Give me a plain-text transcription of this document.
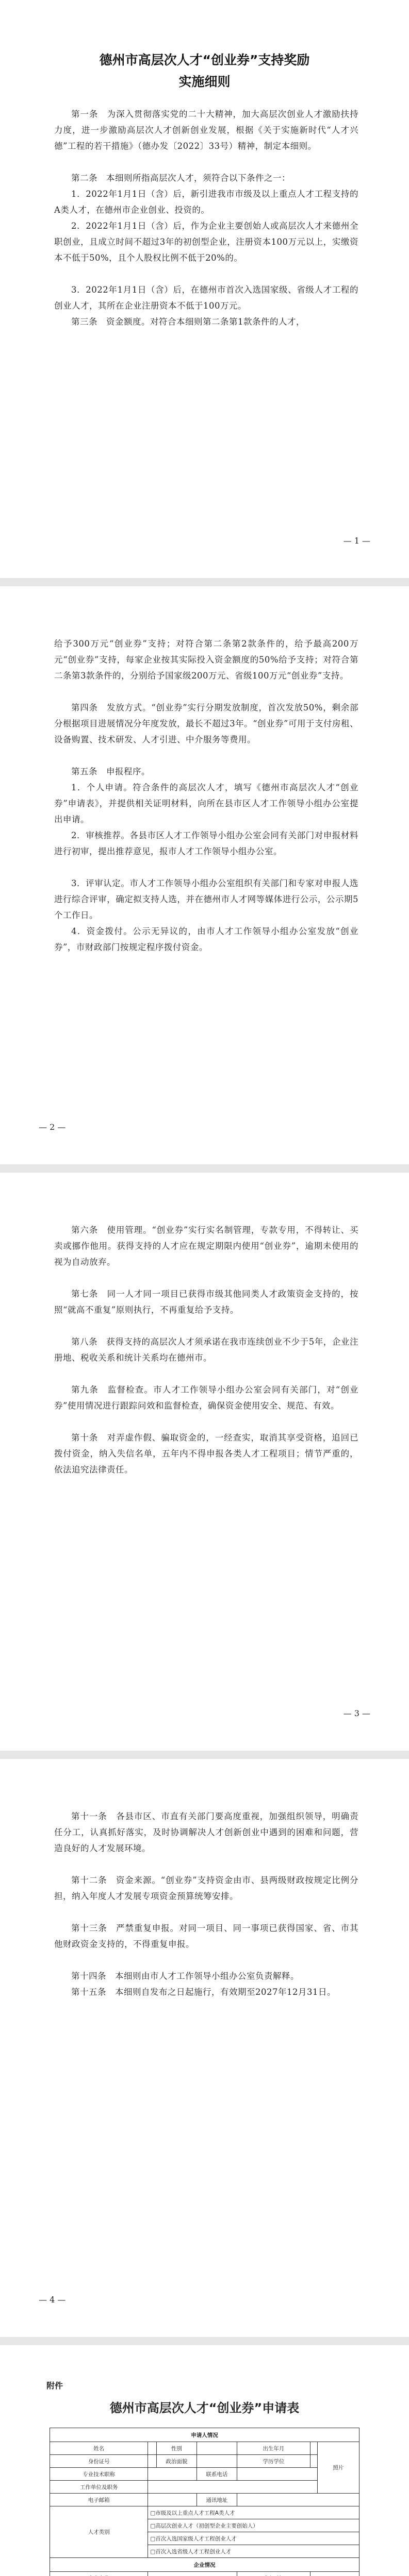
德州市高层次人才“创业券”支持奖励
实施细则

第一条　为深入贯彻落实党的二十大精神，加大高层次创业人才激励扶持力度，进一步激励高层次人才创新创业发展，根据《关于实施新时代“人才兴德”工程的若干措施》（德办发〔2022〕33号）精神，制定本细则。

第二条　本细则所指高层次人才，须符合以下条件之一：

1．2022年1月1日（含）后，新引进我市市级及以上重点人才工程支持的A类人才，在德州市企业创业、投资的。

2．2022年1月1日（含）后，作为企业主要创始人或高层次人才来德州全职创业，且成立时间不超过3年的初创型企业，注册资本100万元以上，实缴资本不低于50%，且个人股权比例不低于20%的。

3．2022年1月1日（含）后，在德州市首次入选国家级、省级人才工程的创业人才，其所在企业注册资本不低于100万元。

第三条　资金额度。对符合本细则第二条第1款条件的人才，

— 1 —

给予300万元“创业券”支持；对符合第二条第2款条件的，给予最高200万元“创业券”支持，每家企业按其实际投入资金额度的50%给予支持；对符合第二条第3款条件的，分别给予国家级200万元、省级100万元“创业券”支持。

第四条　发放方式。“创业券”实行分期发放制度，首次发放50%，剩余部分根据项目进展情况分年度发放，最长不超过3年。“创业券”可用于支付房租、设备购置、技术研发、人才引进、中介服务等费用。

第五条　申报程序。

1．个人申请。符合条件的高层次人才，填写《德州市高层次人才“创业券”申请表》，并提供相关证明材料，向所在县市区人才工作领导小组办公室提出申请。

2．审核推荐。各县市区人才工作领导小组办公室会同有关部门对申报材料进行初审，提出推荐意见，报市人才工作领导小组办公室。

3．评审认定。市人才工作领导小组办公室组织有关部门和专家对申报人选进行综合评审，确定拟支持人选，并在德州市人才网等媒体进行公示，公示期5个工作日。

4．资金拨付。公示无异议的，由市人才工作领导小组办公室发放“创业券”，市财政部门按规定程序拨付资金。

— 2 —

第六条　使用管理。“创业券”实行实名制管理，专款专用，不得转让、买卖或挪作他用。获得支持的人才应在规定期限内使用“创业券”，逾期未使用的视为自动放弃。

第七条　同一人才同一项目已获得市级其他同类人才政策资金支持的，按照“就高不重复”原则执行，不再重复给予支持。

第八条　获得支持的高层次人才须承诺在我市连续创业不少于5年，企业注册地、税收关系和统计关系均在德州市。

第九条　监督检查。市人才工作领导小组办公室会同有关部门，对“创业券”使用情况进行跟踪问效和监督检查，确保资金使用安全、规范、有效。

第十条　对弄虚作假、骗取资金的，一经查实，取消其享受资格，追回已拨付资金，纳入失信名单，五年内不得申报各类人才工程项目；情节严重的，依法追究法律责任。

— 3 —

第十一条　各县市区、市直有关部门要高度重视，加强组织领导，明确责任分工，认真抓好落实，及时协调解决人才创新创业中遇到的困难和问题，营造良好的人才发展环境。

第十二条　资金来源。“创业券”支持资金由市、县两级财政按规定比例分担，纳入年度人才发展专项资金预算统筹安排。

第十三条　严禁重复申报。对同一项目、同一事项已获得国家、省、市其他财政资金支持的，不得重复申报。

第十四条　本细则由市人才工作领导小组办公室负责解释。

第十五条　本细则自发布之日起施行，有效期至2027年12月31日。

— 4 —
附件
德州市高层次人才“创业券”申请表
申请人情况						
姓名		性别		出生年月		照片
身份证号		政治面貌		学历学位		
专业技术职称			联系电话			
工作单位及职务						
电子邮箱			通讯地址			
人才类别	□市级及以上重点人才工程A类人才					
	□高层次创业人才（初创型企业主要创始人）					
	□首次入选国家级人才工程创业人才					
	□首次入选省级人才工程创业人才					
企业情况						
